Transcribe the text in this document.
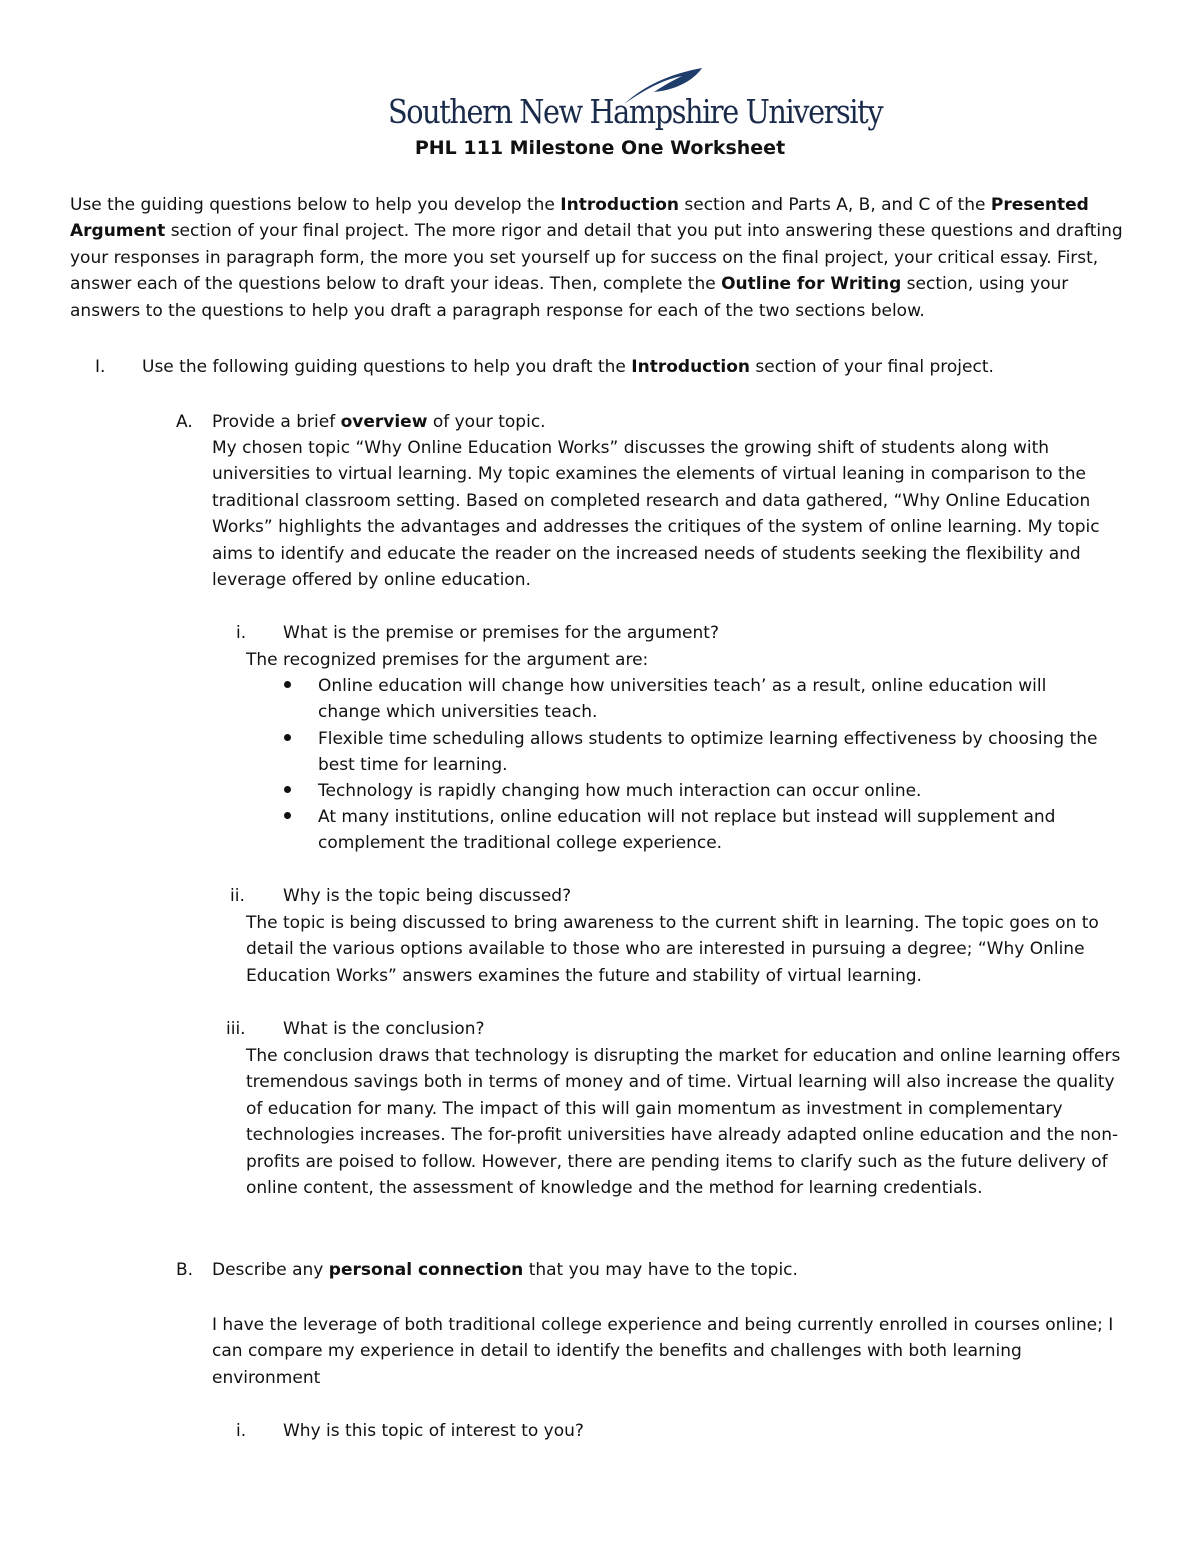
Southern New Hampshire University
PHL 111 Milestone One Worksheet

Use the guiding questions below to help you develop the Introduction section and Parts A, B, and C of the Presented Argument section of your final project. The more rigor and detail that you put into answering these questions and drafting your responses in paragraph form, the more you set yourself up for success on the final project, your critical essay. First, answer each of the questions below to draft your ideas. Then, complete the Outline for Writing section, using your answers to the questions to help you draft a paragraph response for each of the two sections below.

I. Use the following guiding questions to help you draft the Introduction section of your final project.

A. Provide a brief overview of your topic.

My chosen topic “Why Online Education Works” discusses the growing shift of students along with universities to virtual learning. My topic examines the elements of virtual leaning in comparison to the traditional classroom setting. Based on completed research and data gathered, “Why Online Education Works” highlights the advantages and addresses the critiques of the system of online learning. My topic aims to identify and educate the reader on the increased needs of students seeking the flexibility and leverage offered by online education.
i. What is the premise or premises for the argument?
The recognized premises for the argument are:
Online education will change how universities teach’ as a result, online education will change which universities teach.
Flexible time scheduling allows students to optimize learning effectiveness by choosing the best time for learning.
Technology is rapidly changing how much interaction can occur online.
At many institutions, online education will not replace but instead will supplement and complement the traditional college experience.
ii. Why is the topic being discussed?
The topic is being discussed to bring awareness to the current shift in learning. The topic goes on to detail the various options available to those who are interested in pursuing a degree; “Why Online Education Works” answers examines the future and stability of virtual learning.
iii. What is the conclusion?
The conclusion draws that technology is disrupting the market for education and online learning offers tremendous savings both in terms of money and of time. Virtual learning will also increase the quality of education for many. The impact of this will gain momentum as investment in complementary technologies increases. The for-profit universities have already adapted online education and the non-profits are poised to follow. However, there are pending items to clarify such as the future delivery of online content, the assessment of knowledge and the method for learning credentials.
B. Describe any personal connection that you may have to the topic.

I have the leverage of both traditional college experience and being currently enrolled in courses online; I can compare my experience in detail to identify the benefits and challenges with both learning environment
i. Why is this topic of interest to you?
